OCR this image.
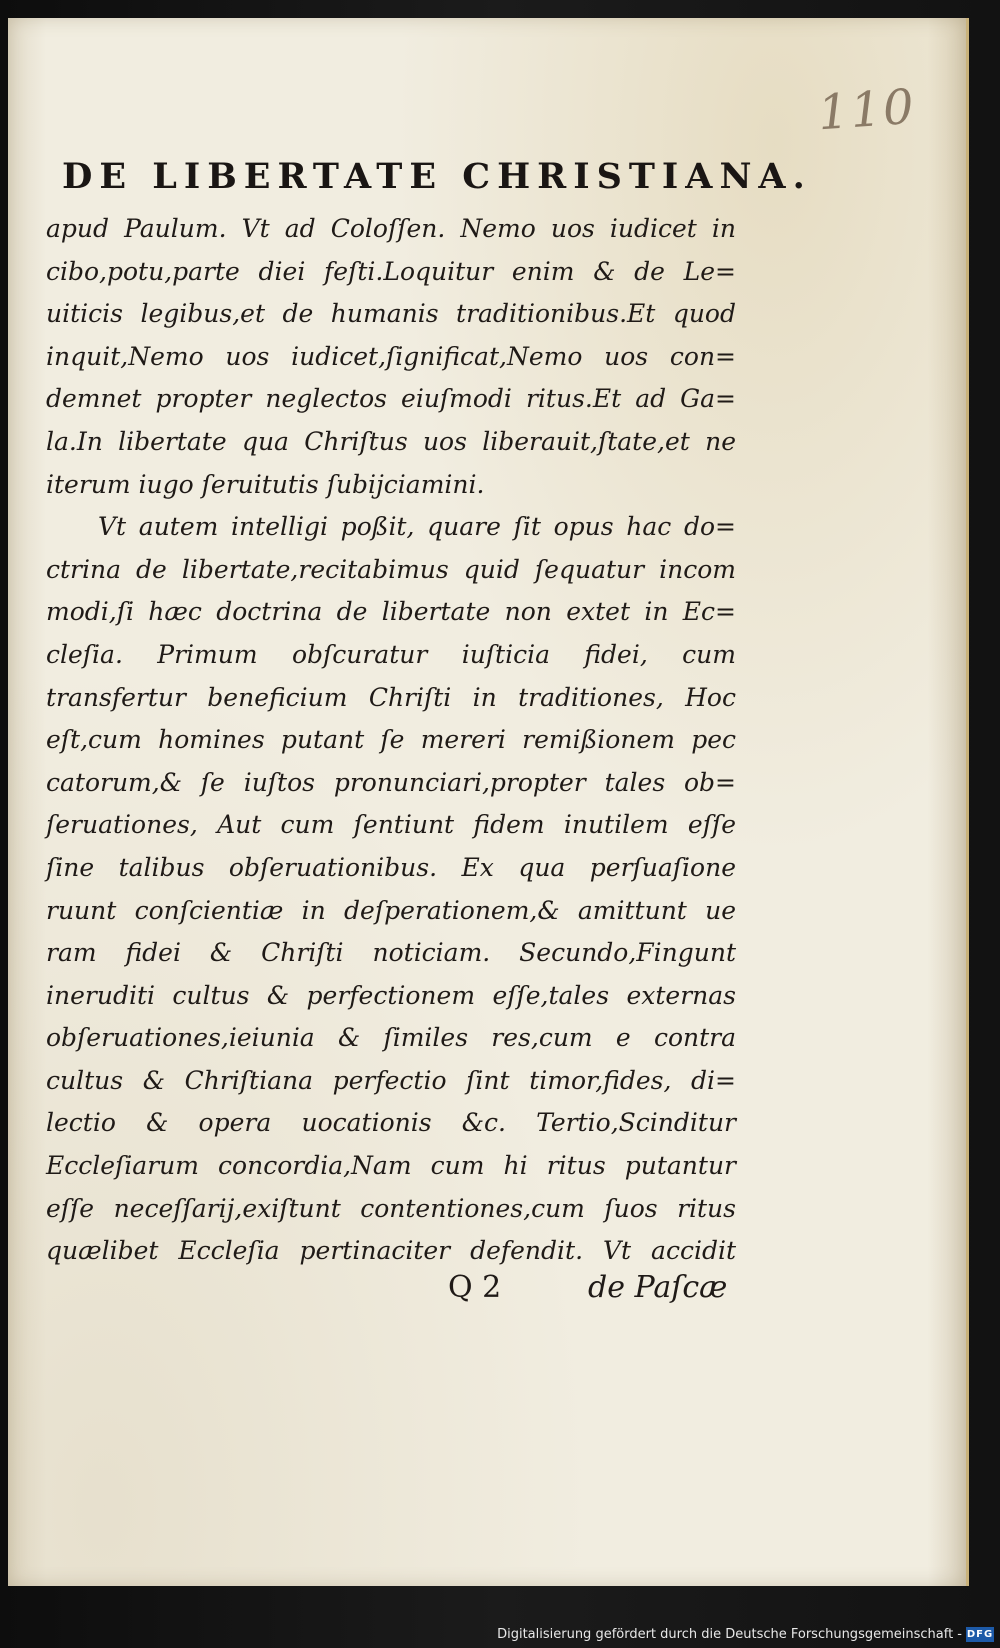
110
DE LIBERTATE CHRISTIANA.
apud Paulum. Vt ad Coloſſen. Nemo uos iudicet in
cibo,potu,parte diei feſti.Loquitur enim & de Le=
uiticis legibus,et de humanis traditionibus.Et quod
inquit,Nemo uos iudicet,ſignificat,Nemo uos con=
demnet propter neglectos eiuſmodi ritus.Et ad Ga=
la.In libertate qua Chriſtus uos liberauit,ſtate,et ne
iterum iugo ſeruitutis ſubijciamini.
Vt autem intelligi poßit, quare ſit opus hac do=
ctrina de libertate,recitabimus quid ſequatur incom
modi,ſi hæc doctrina de libertate non extet in Ec=
cleſia. Primum obſcuratur iuſticia fidei, cum
transfertur beneficium Chriſti in traditiones, Hoc
eſt,cum homines putant ſe mereri remißionem pec
catorum,& ſe iuſtos pronunciari,propter tales ob=
ſeruationes, Aut cum ſentiunt fidem inutilem eſſe
ſine talibus obſeruationibus. Ex qua perſuaſione
ruunt conſcientiæ in deſperationem,& amittunt ue
ram fidei & Chriſti noticiam. Secundo,Fingunt
ineruditi cultus & perfectionem eſſe,tales externas
obſeruationes,ieiunia & ſimiles res,cum e contra
cultus & Chriſtiana perfectio ſint timor,fides, di=
lectio & opera uocationis &c. Tertio,Scinditur
Eccleſiarum concordia,Nam cum hi ritus putantur
eſſe neceſſarij,exiſtunt contentiones,cum ſuos ritus
quælibet Eccleſia pertinaciter defendit. Vt accidit
Q 2	de Paſcæ
Digitalisierung gefördert durch die Deutsche Forschungsgemeinschaft - DFG
